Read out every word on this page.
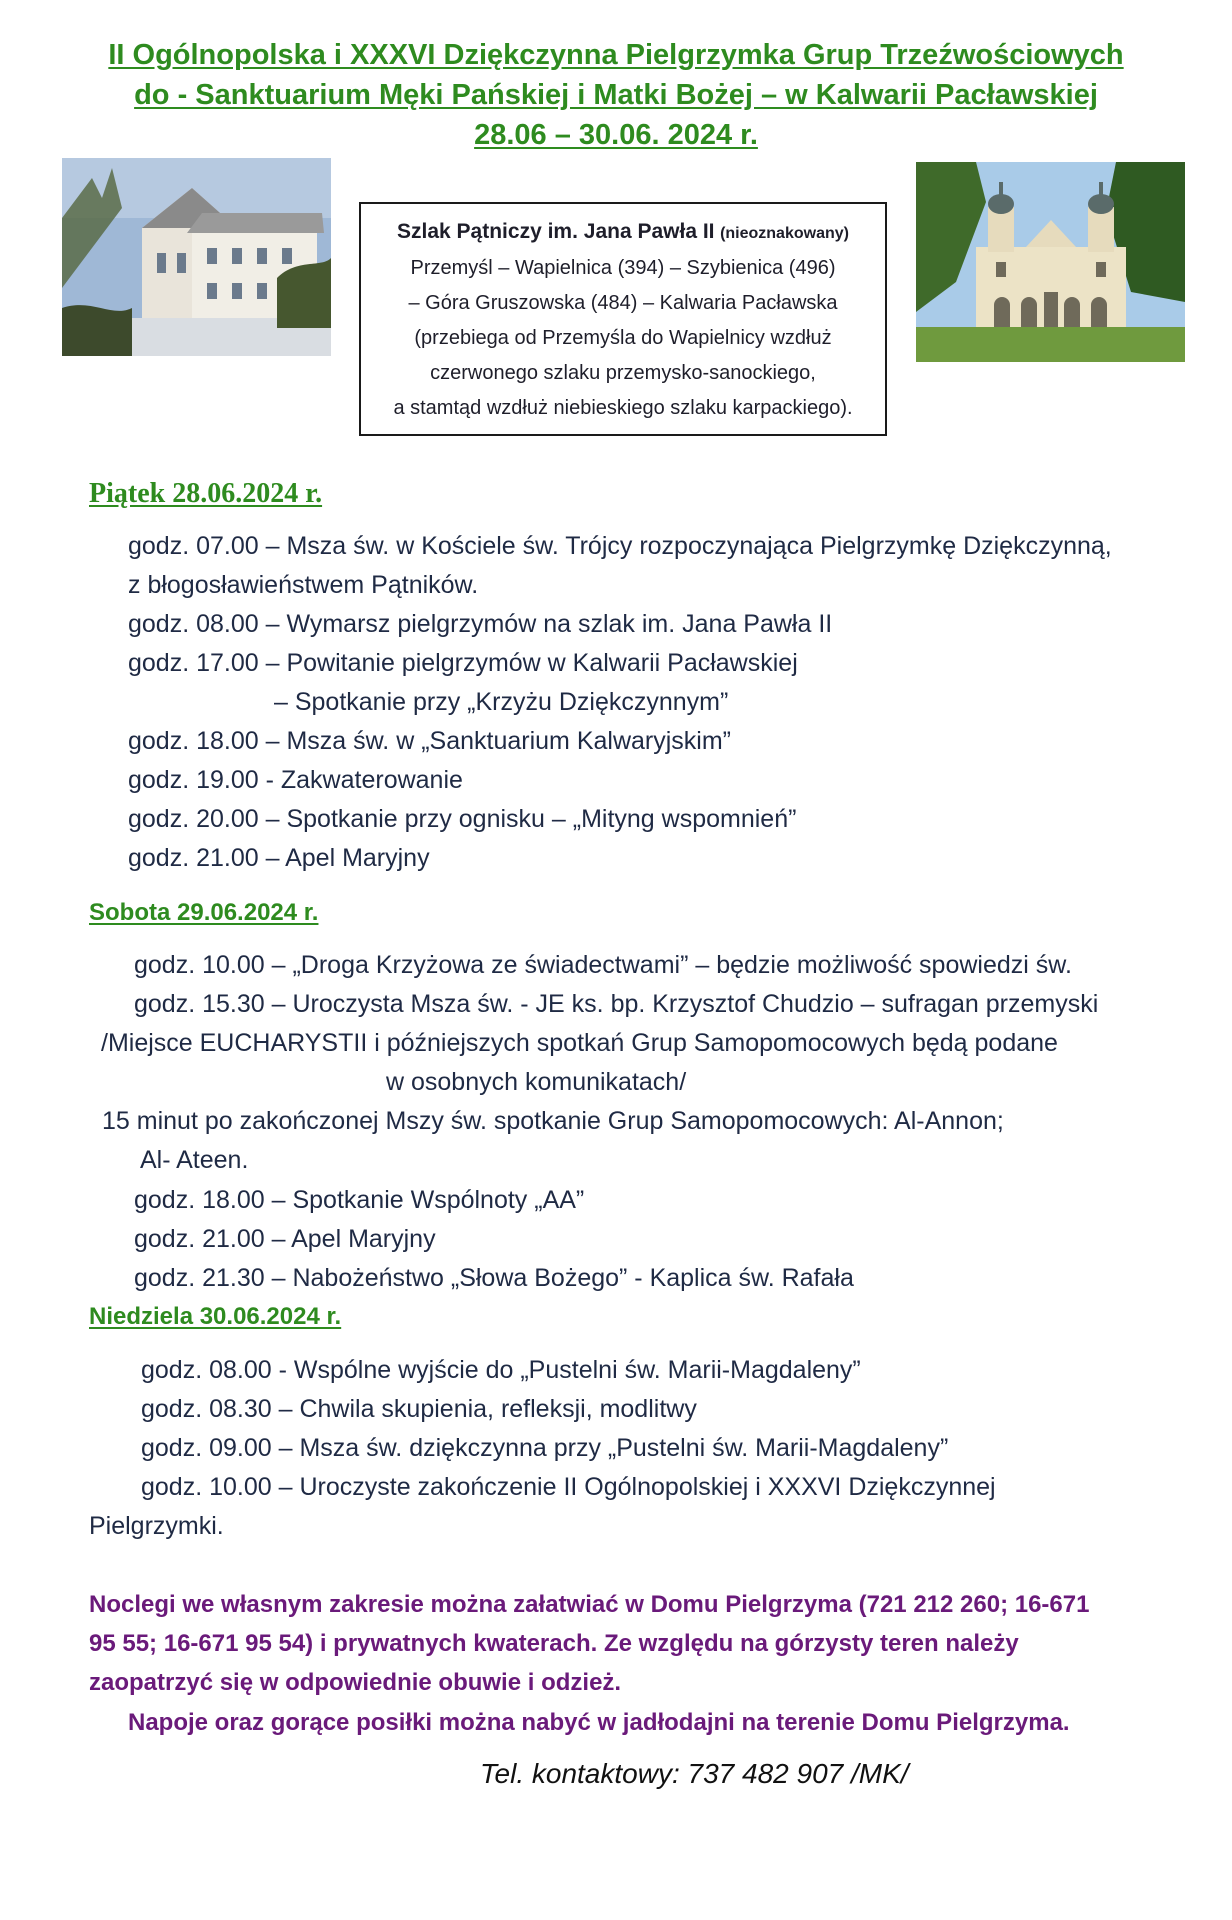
II Ogólnopolska i XXXVI Dziękczynna Pielgrzymka Grup Trzeźwościowych
do - Sanktuarium Męki Pańskiej i Matki Bożej – w Kalwarii Pacławskiej
28.06 – 30.06. 2024 r.
Szlak Pątniczy im. Jana Pawła II (nieoznakowany)
Przemyśl – Wapielnica (394) – Szybienica (496)
– Góra Gruszowska (484) – Kalwaria Pacławska
(przebiega od Przemyśla do Wapielnicy wzdłuż
czerwonego szlaku przemysko-sanockiego,
a stamtąd wzdłuż niebieskiego szlaku karpackiego).
Piątek 28.06.2024 r.
godz. 07.00 – Msza św. w Kościele św. Trójcy rozpoczynająca Pielgrzymkę Dziękczynną,
z błogosławieństwem Pątników.
godz. 08.00 – Wymarsz pielgrzymów na szlak im. Jana Pawła II
godz. 17.00 – Powitanie pielgrzymów w Kalwarii Pacławskiej
– Spotkanie przy „Krzyżu Dziękczynnym”
godz. 18.00 – Msza św. w „Sanktuarium Kalwaryjskim”
godz. 19.00 - Zakwaterowanie
godz. 20.00 – Spotkanie przy ognisku – „Mityng wspomnień”
godz. 21.00 – Apel Maryjny
Sobota 29.06.2024 r.
godz. 10.00 – „Droga Krzyżowa ze świadectwami” – będzie możliwość spowiedzi św.
godz. 15.30 – Uroczysta Msza św. - JE ks. bp. Krzysztof Chudzio – sufragan przemyski
/Miejsce EUCHARYSTII i późniejszych spotkań Grup Samopomocowych będą podane
w osobnych komunikatach/
15 minut po zakończonej Mszy św. spotkanie Grup Samopomocowych: Al-Annon;
Al- Ateen.
godz. 18.00 – Spotkanie Wspólnoty „AA”
godz. 21.00 – Apel Maryjny
godz. 21.30 – Nabożeństwo „Słowa Bożego” - Kaplica św. Rafała
Niedziela 30.06.2024 r.
godz. 08.00 - Wspólne wyjście do „Pustelni św. Marii-Magdaleny”
godz. 08.30 – Chwila skupienia, refleksji, modlitwy
godz. 09.00 – Msza św. dziękczynna przy „Pustelni św. Marii-Magdaleny”
godz. 10.00 – Uroczyste zakończenie II Ogólnopolskiej i XXXVI Dziękczynnej
Pielgrzymki.
Noclegi we własnym zakresie można załatwiać w Domu Pielgrzyma (721 212 260; 16-671
95 55; 16-671 95 54) i prywatnych kwaterach. Ze względu na górzysty teren należy
zaopatrzyć się w odpowiednie obuwie i odzież.
Napoje oraz gorące posiłki można nabyć w jadłodajni na terenie Domu Pielgrzyma.
Tel. kontaktowy: 737 482 907 /MK/
